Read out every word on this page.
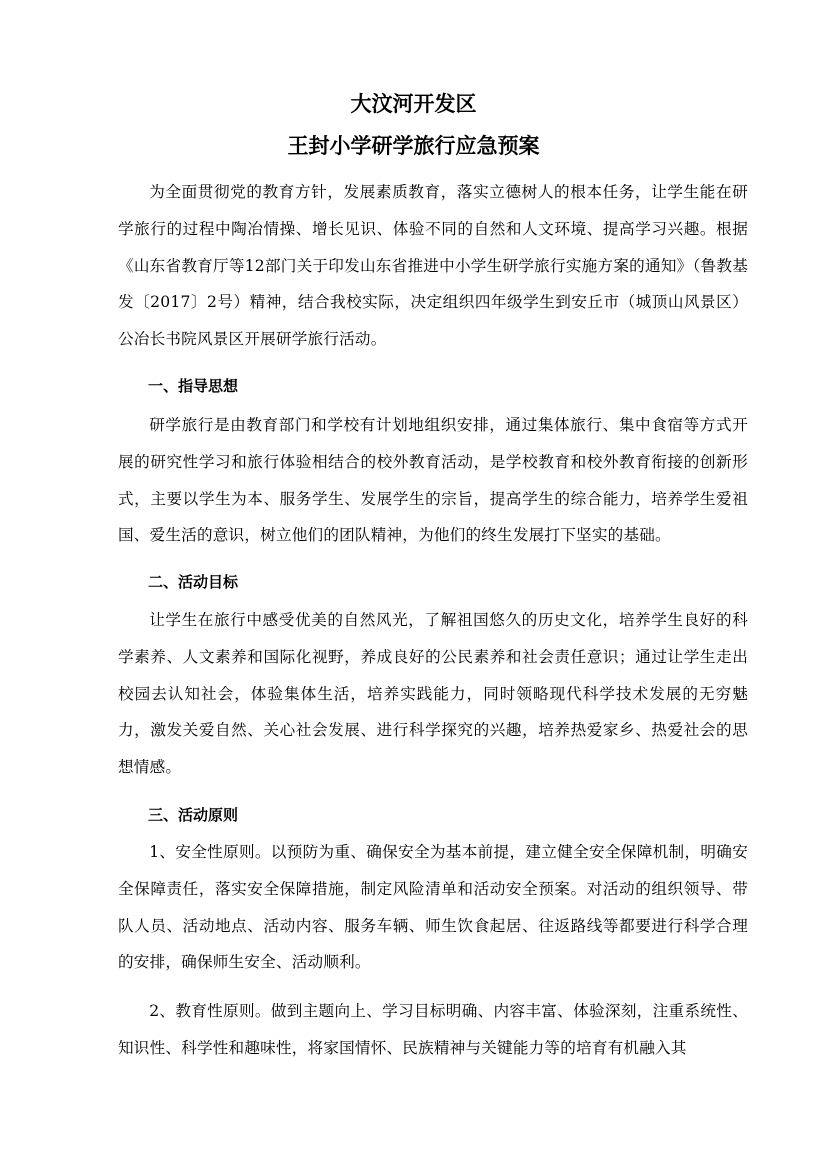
大汶河开发区
王封小学研学旅行应急预案
为全面贯彻党的教育方针，发展素质教育，落实立德树人的根本任务，让学生能在研学旅行的过程中陶冶情操、增长见识、体验不同的自然和人文环境、提高学习兴趣。根据《山东省教育厅等12部门关于印发山东省推进中小学生研学旅行实施方案的通知》（鲁教基发〔2017〕2号）精神，结合我校实际，决定组织四年级学生到安丘市（城顶山风景区）公冶长书院风景区开展研学旅行活动。
一、指导思想
研学旅行是由教育部门和学校有计划地组织安排，通过集体旅行、集中食宿等方式开展的研究性学习和旅行体验相结合的校外教育活动，是学校教育和校外教育衔接的创新形式，主要以学生为本、服务学生、发展学生的宗旨，提高学生的综合能力，培养学生爱祖国、爱生活的意识，树立他们的团队精神，为他们的终生发展打下坚实的基础。
二、活动目标
让学生在旅行中感受优美的自然风光，了解祖国悠久的历史文化，培养学生良好的科学素养、人文素养和国际化视野，养成良好的公民素养和社会责任意识；通过让学生走出校园去认知社会，体验集体生活，培养实践能力，同时领略现代科学技术发展的无穷魅力，激发关爱自然、关心社会发展、进行科学探究的兴趣，培养热爱家乡、热爱社会的思想情感。
三、活动原则
1、安全性原则。以预防为重、确保安全为基本前提，建立健全安全保障机制，明确安全保障责任，落实安全保障措施，制定风险清单和活动安全预案。对活动的组织领导、带队人员、活动地点、活动内容、服务车辆、师生饮食起居、往返路线等都要进行科学合理的安排，确保师生安全、活动顺利。
2、教育性原则。做到主题向上、学习目标明确、内容丰富、体验深刻，注重系统性、知识性、科学性和趣味性，将家国情怀、民族精神与关键能力等的培育有机融入其
